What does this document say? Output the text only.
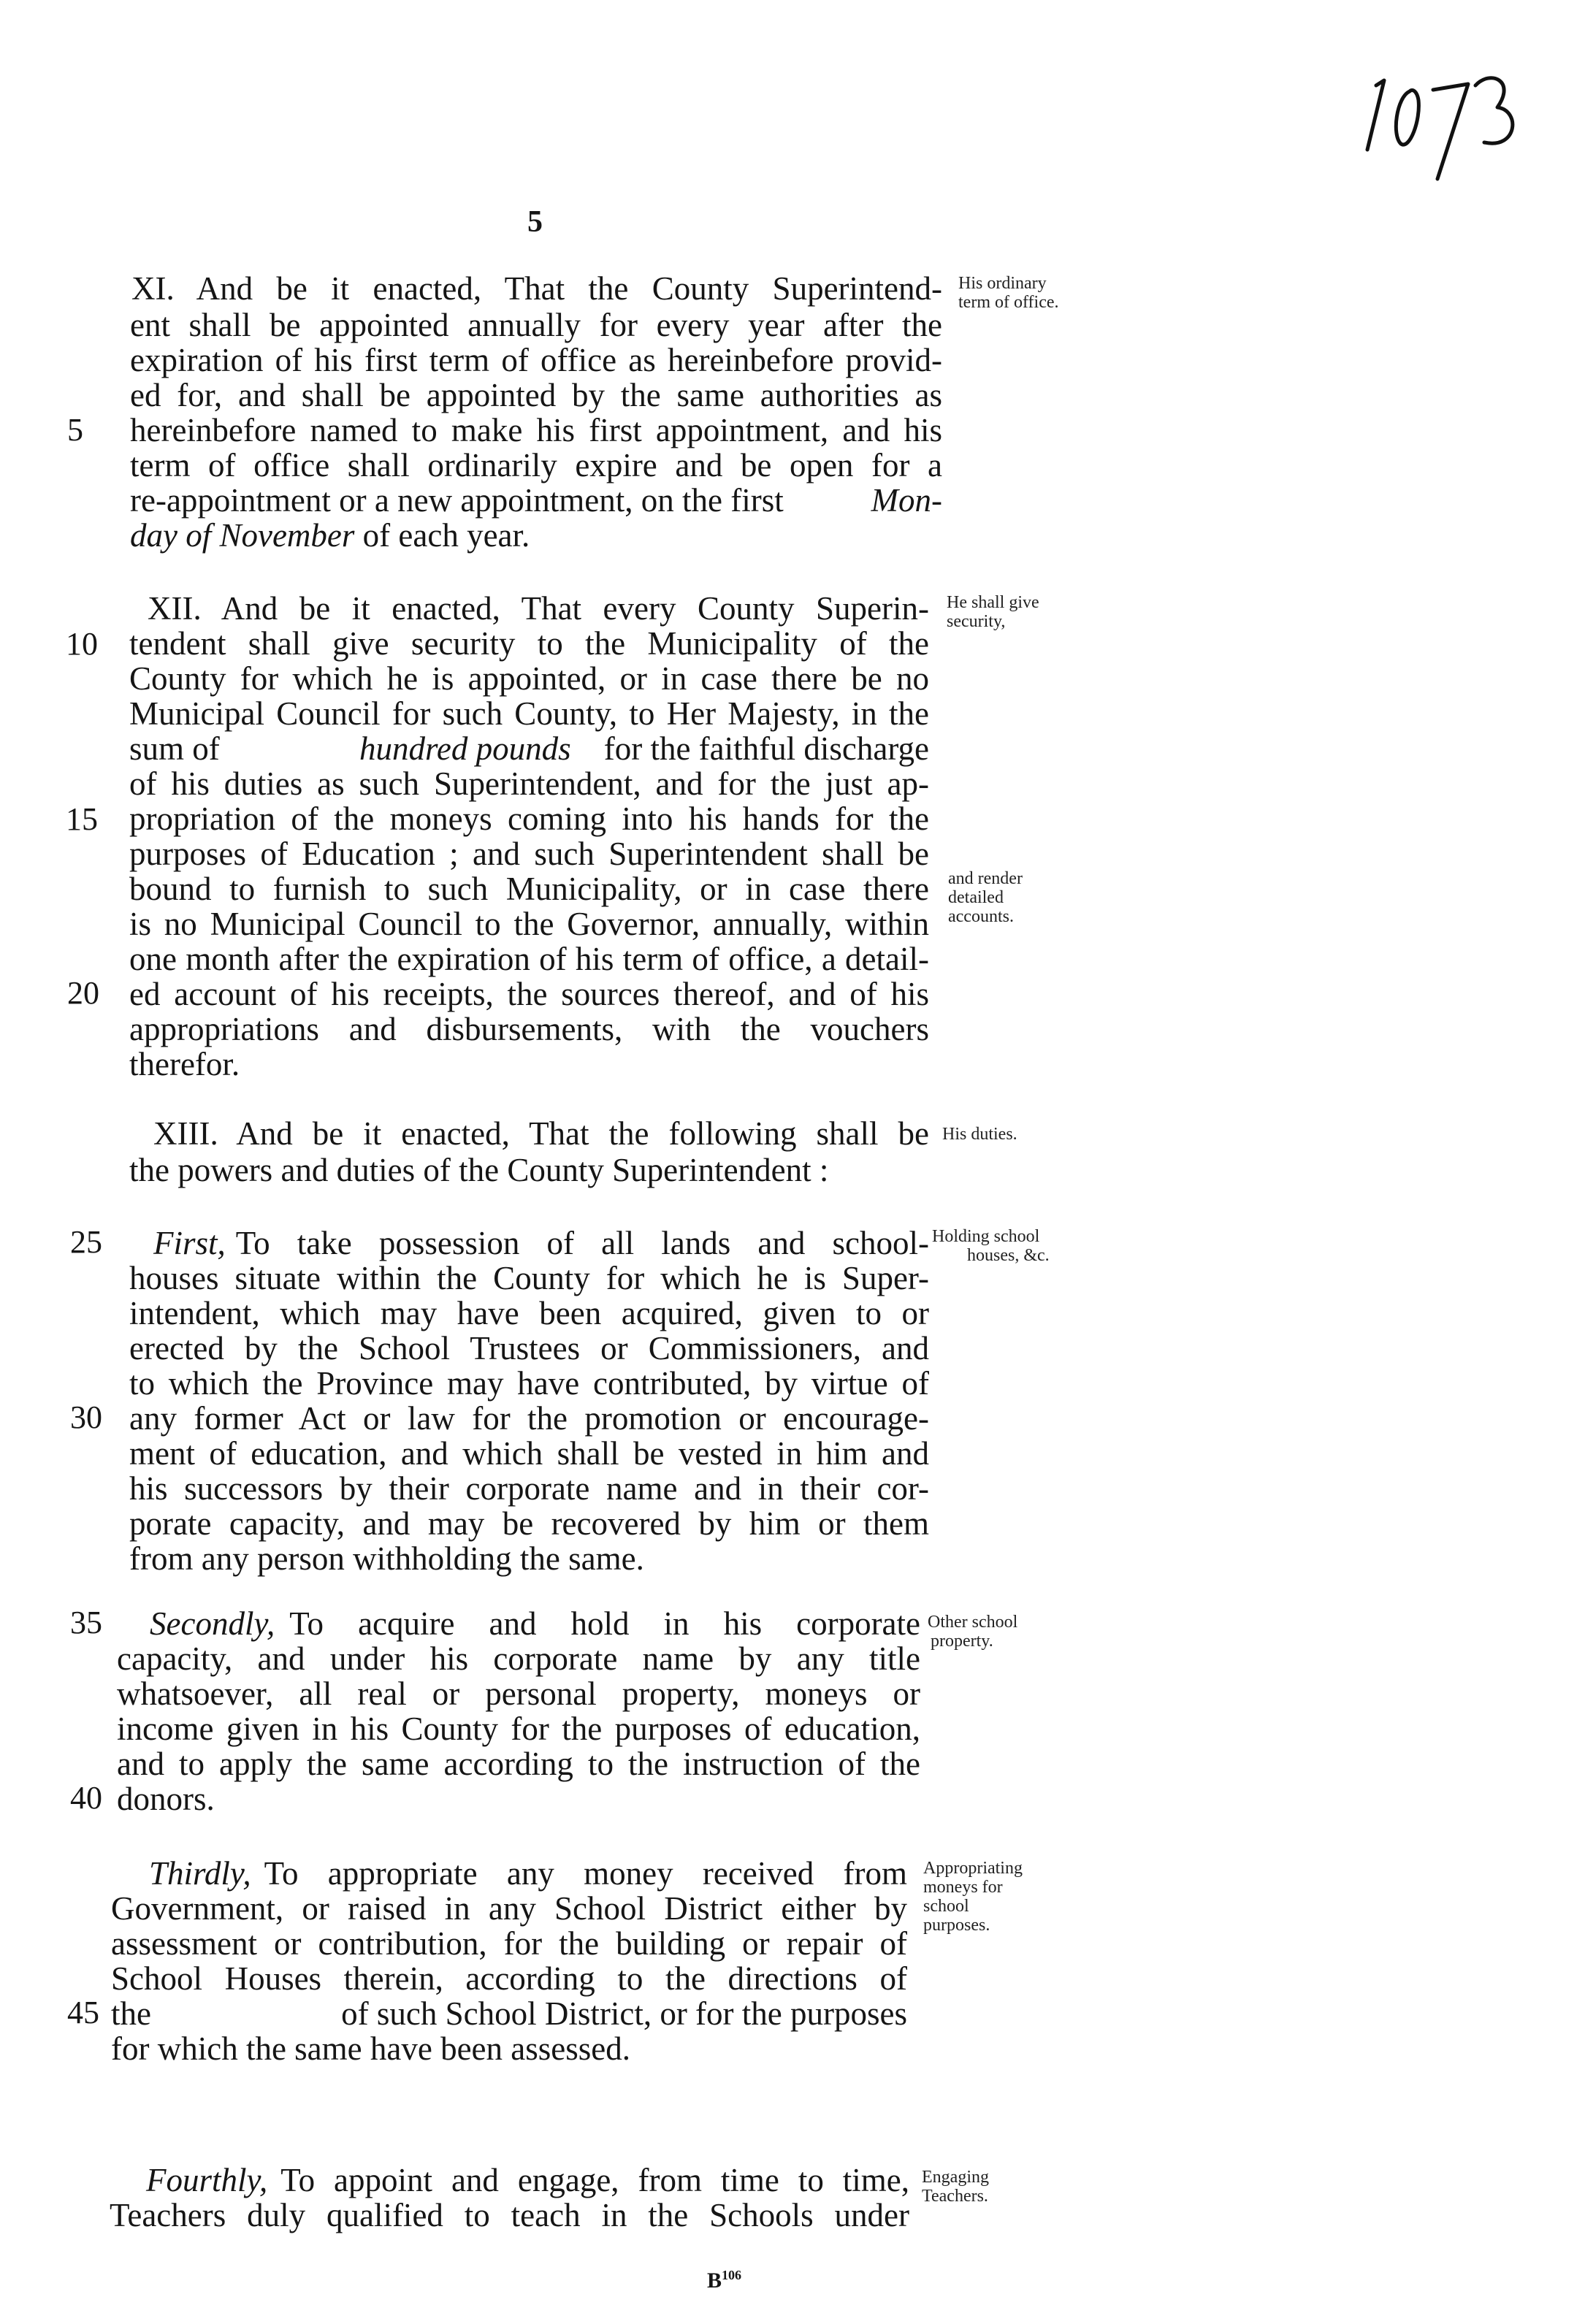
5
XI. And be it enacted, That the County Superintend-
ent shall be appointed annually for every year after the
expiration of his first term of office as hereinbefore provid-
ed for, and shall be appointed by the same authorities as
hereinbefore named to make his first appointment, and his
term of office shall ordinarily expire and be open for a
re-appointment or a new appointment, on the first	Mon-
day of November of each year.
His ordinary
term of office.
XII. And be it enacted, That every County Superin-
tendent shall give security to the Municipality of the
County for which he is appointed, or in case there be no
Municipal Council for such County, to Her Majesty, in the
sum of	hundred pounds for the faithful discharge
of his duties as such Superintendent, and for the just ap-
propriation of the moneys coming into his hands for the
purposes of Education ; and such Superintendent shall be
bound to furnish to such Municipality, or in case there
is no Municipal Council to the Governor, annually, within
one month after the expiration of his term of office, a detail-
ed account of his receipts, the sources thereof, and of his
appropriations and disbursements, with the vouchers
therefor.
He shall give
security,
and render
detailed
accounts.
XIII. And be it enacted, That the following shall be
the powers and duties of the County Superintendent :
His duties.
First, To take possession of all lands and school-
houses situate within the County for which he is Super-
intendent, which may have been acquired, given to or
erected by the School Trustees or Commissioners, and
to which the Province may have contributed, by virtue of
any former Act or law for the promotion or encourage-
ment of education, and which shall be vested in him and
his successors by their corporate name and in their cor-
porate capacity, and may be recovered by him or them
from any person withholding the same.
Holding school
houses, &c.
Secondly, To acquire and hold in his corporate
capacity, and under his corporate name by any title
whatsoever, all real or personal property, moneys or
income given in his County for the purposes of education,
and to apply the same according to the instruction of the
donors.
Other school
property.
Thirdly, To appropriate any money received from
Government, or raised in any School District either by
assessment or contribution, for the building or repair of
School Houses therein, according to the directions of
the	of such School District, or for the purposes
for which the same have been assessed.
Appropriating
moneys for
school
purposes.
Fourthly, To appoint and engage, from time to time,
Teachers duly qualified to teach in the Schools under
Engaging
Teachers.
5
10
15
20
25
30
35
40
45
$B^{106}$
